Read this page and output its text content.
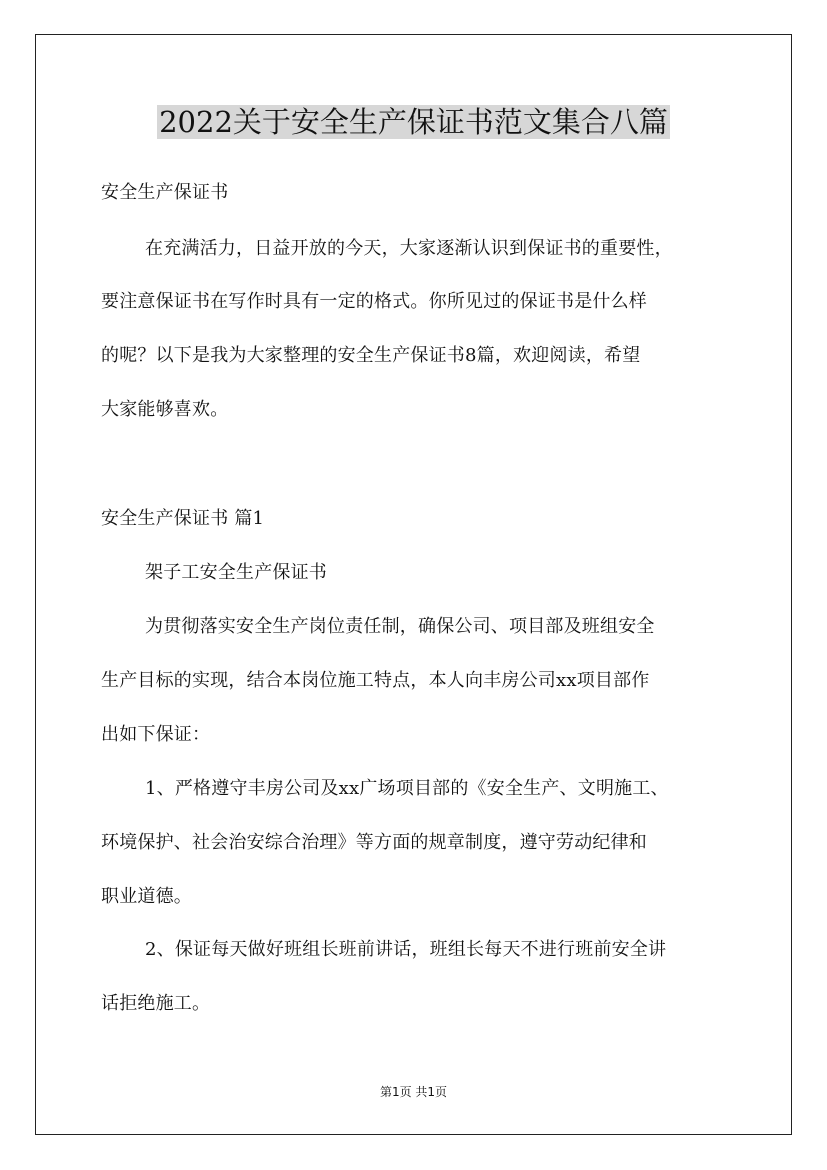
2022关于安全生产保证书范文集合八篇
安全生产保证书
在充满活力，日益开放的今天，大家逐渐认识到保证书的重要性，
要注意保证书在写作时具有一定的格式。你所见过的保证书是什么样
的呢？以下是我为大家整理的安全生产保证书8篇，欢迎阅读，希望
大家能够喜欢。
安全生产保证书 篇1
架子工安全生产保证书
为贯彻落实安全生产岗位责任制，确保公司、项目部及班组安全
生产目标的实现，结合本岗位施工特点，本人向丰房公司xx项目部作
出如下保证：
1、严格遵守丰房公司及xx广场项目部的《安全生产、文明施工、
环境保护、社会治安综合治理》等方面的规章制度，遵守劳动纪律和
职业道德。
2、保证每天做好班组长班前讲话，班组长每天不进行班前安全讲
话拒绝施工。
第1页 共1页
